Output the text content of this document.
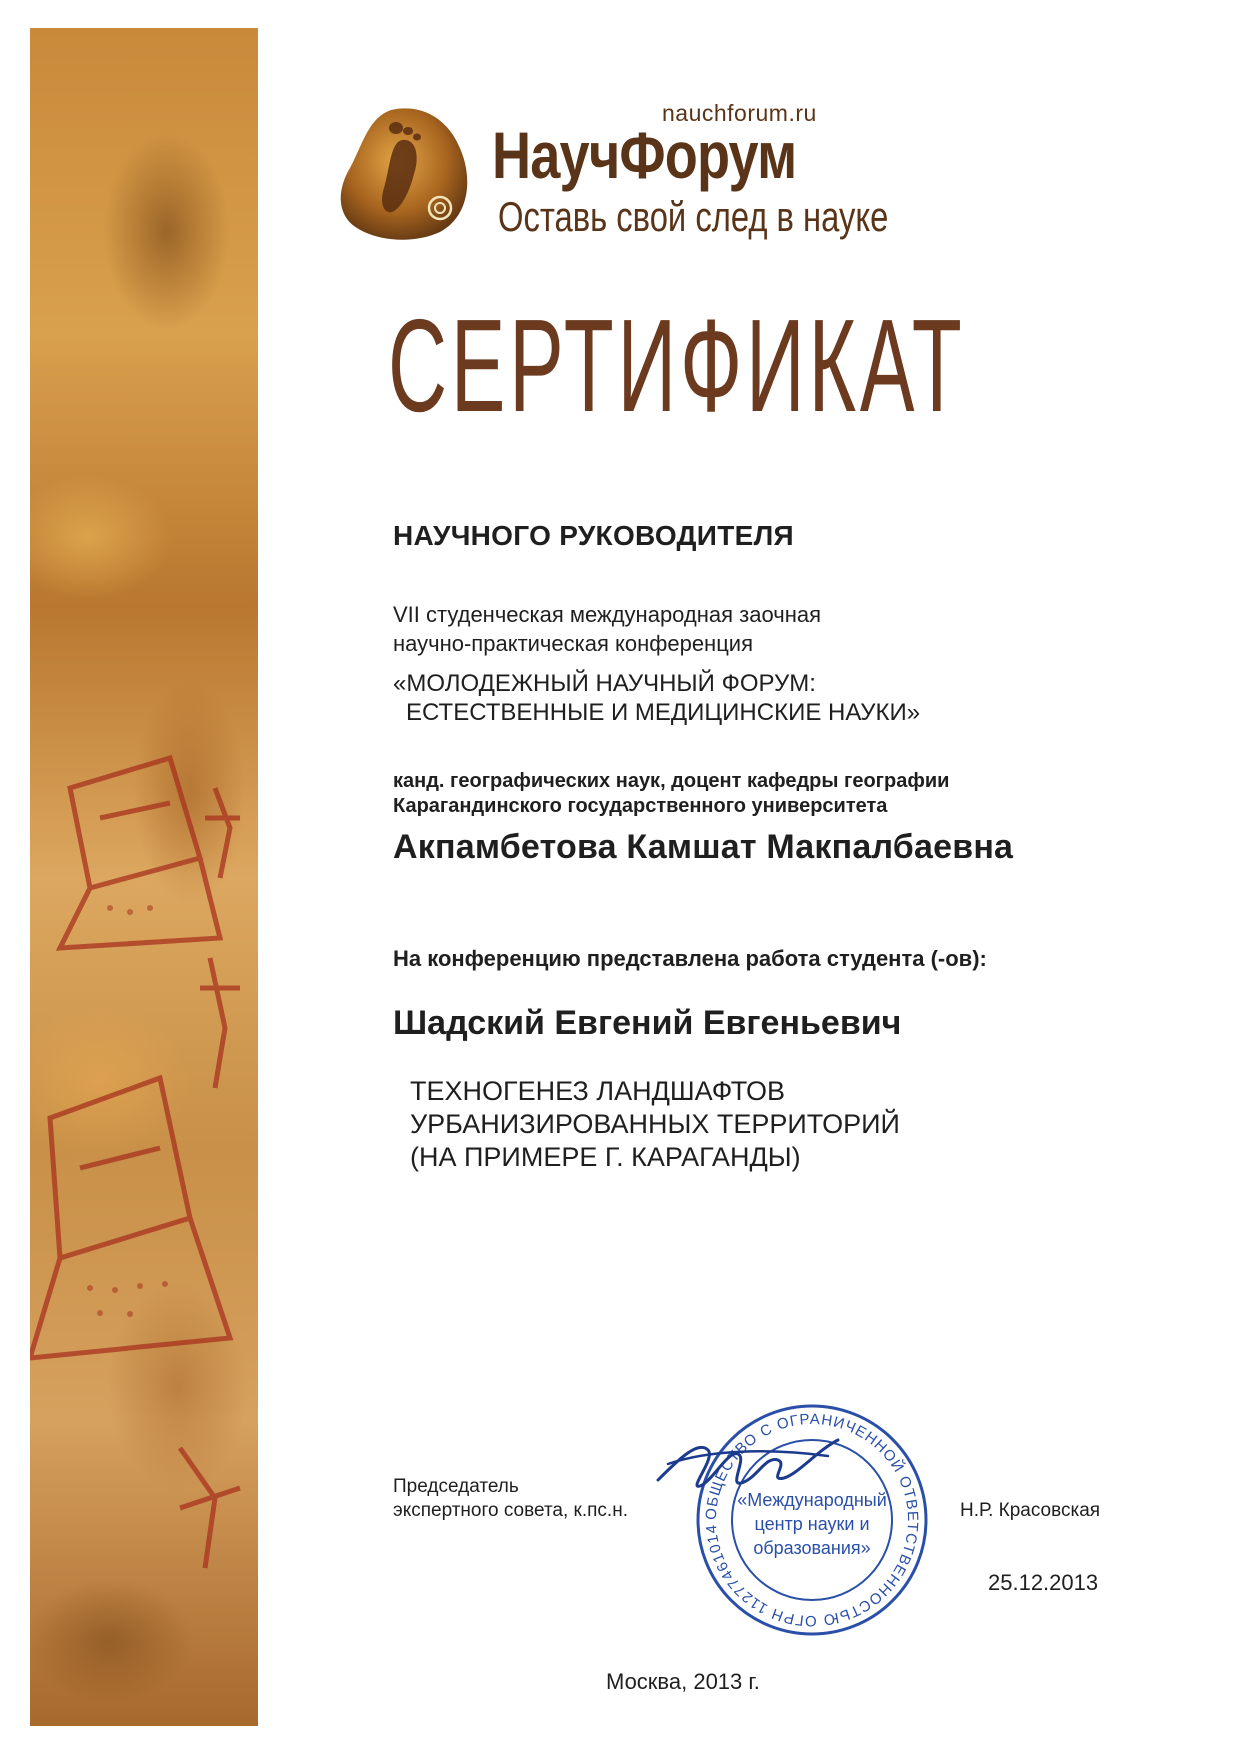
nauchforum.ru
НаучФорум
Оставь свой след в науке
СЕРТИФИКАТ
НАУЧНОГО РУКОВОДИТЕЛЯ
VII студенческая международная заочная
научно-практическая конференция
«МОЛОДЕЖНЫЙ НАУЧНЫЙ ФОРУМ:
ЕСТЕСТВЕННЫЕ И МЕДИЦИНСКИЕ НАУКИ»
канд. географических наук, доцент кафедры географии
Карагандинского государственного университета
Акпамбетова Камшат Макпалбаевна
На конференцию представлена работа студента (-ов):
Шадский Евгений Евгеньевич
ТЕХНОГЕНЕЗ ЛАНДШАФТОВ
УРБАНИЗИРОВАННЫХ ТЕРРИТОРИЙ
(НА ПРИМЕРЕ Г. КАРАГАНДЫ)
Председатель
экспертного совета, к.пс.н.	Н.Р. Красовская
25.12.2013
ОБЩЕСТВО С ОГРАНИЧЕННОЙ ОТВЕТСТВЕННОСТЬЮ ОГРН 11277461014
«Международный
центр науки и
образования»
Москва, 2013 г.
